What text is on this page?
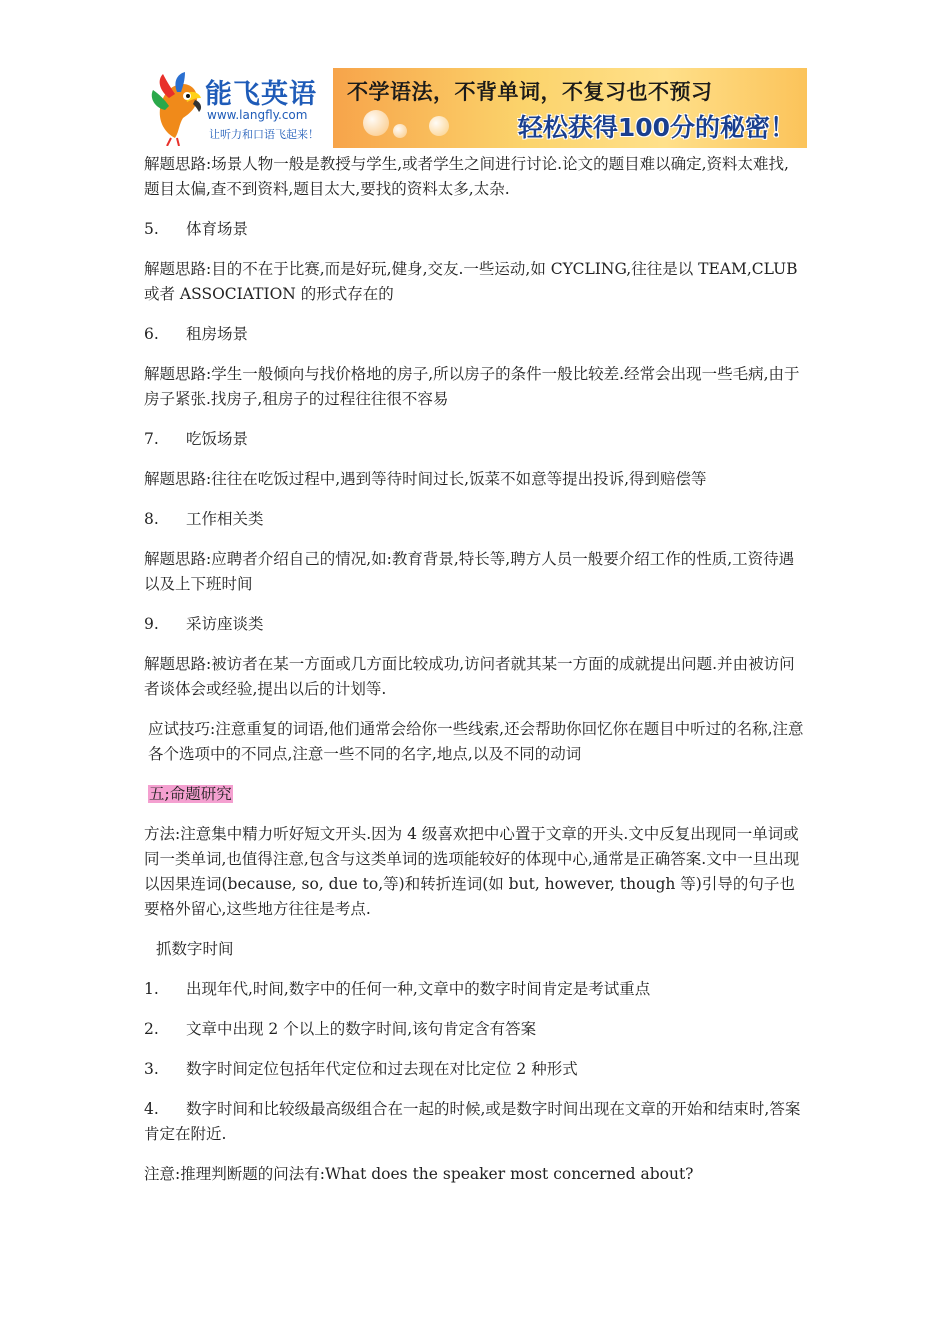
能飞英语
www.langfly.com
让听力和口语飞起来！
不学语法，不背单词，不复习也不预习
轻松获得100分的秘密！

解题思路:场景人物一般是教授与学生,或者学生之间进行讨论.论文的题目难以确定,资料太难找,题目太偏,查不到资料,题目太大,要找的资料太多,太杂.

5. 体育场景

解题思路:目的不在于比赛,而是好玩,健身,交友.一些运动,如 CYCLING,往往是以 TEAM,CLUB 或者 ASSOCIATION 的形式存在的

6. 租房场景

解题思路:学生一般倾向与找价格地的房子,所以房子的条件一般比较差.经常会出现一些毛病,由于房子紧张.找房子,租房子的过程往往很不容易

7. 吃饭场景

解题思路:往往在吃饭过程中,遇到等待时间过长,饭菜不如意等提出投诉,得到赔偿等

8. 工作相关类

解题思路:应聘者介绍自己的情况,如:教育背景,特长等,聘方人员一般要介绍工作的性质,工资待遇以及上下班时间

9. 采访座谈类

解题思路:被访者在某一方面或几方面比较成功,访问者就其某一方面的成就提出问题.并由被访问者谈体会或经验,提出以后的计划等.

应试技巧:注意重复的词语,他们通常会给你一些线索,还会帮助你回忆你在题目中听过的名称,注意各个选项中的不同点,注意一些不同的名字,地点,以及不同的动词

五;命题研究

方法:注意集中精力听好短文开头.因为 4 级喜欢把中心置于文章的开头.文中反复出现同一单词或同一类单词,也值得注意,包含与这类单词的选项能较好的体现中心,通常是正确答案.文中一旦出现以因果连词(because, so, due to,等)和转折连词(如 but, however, though 等)引导的句子也要格外留心,这些地方往往是考点.

抓数字时间

1. 出现年代,时间,数字中的任何一种,文章中的数字时间肯定是考试重点

2. 文章中出现 2 个以上的数字时间,该句肯定含有答案

3. 数字时间定位包括年代定位和过去现在对比定位 2 种形式

4. 数字时间和比较级最高级组合在一起的时候,或是数字时间出现在文章的开始和结束时,答案肯定在附近.

注意:推理判断题的问法有:What does the speaker most concerned about?
